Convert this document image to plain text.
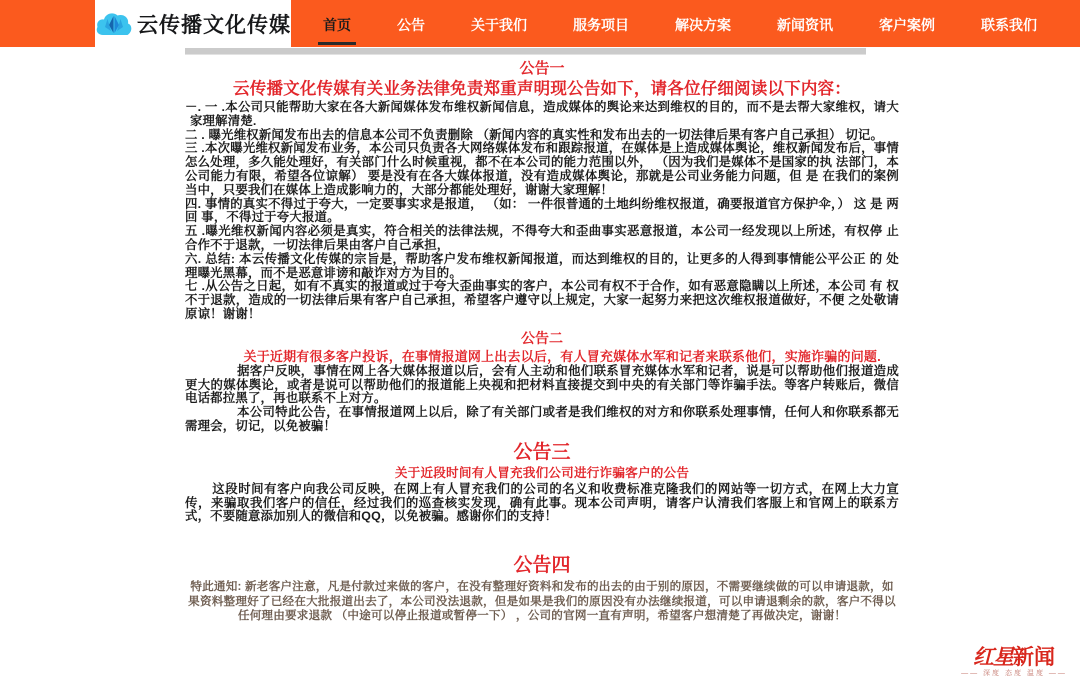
云传播文化传媒	首页	公告	关于我们	服务项目	解决方案	新闻资讯	客户案例	联系我们
公告一

云传播文化传媒有关业务法律免责郑重声明现公告如下，请各位仔细阅读以下内容：

－. 一 .本公司只能帮助大家在各大新闻媒体发布维权新闻信息，造成媒体的舆论来达到维权的目的，而不是去帮大家维权，请大家理解清楚.

二 . 曝光维权新闻发布出去的信息本公司不负责删除 （新闻内容的真实性和发布出去的一切法律后果有客户自己承担） 切记。

三 .本次曝光维权新闻发布业务，本公司只负责各大网络媒体发布和跟踪报道，在媒体是上造成媒体舆论，维权新闻发布后，事情怎么处理，多久能处理好，有关部门什么时候重视，都不在本公司的能力范围以外， （因为我们是媒体不是国家的执 法部门，本公司能力有限，希望各位谅解） 要是没有在各大媒体报道，没有造成媒体舆论，那就是公司业务能力问题，但 是 在我们的案例当中，只要我们在媒体上造成影响力的，大部分都能处理好，谢谢大家理解！

四. 事情的真实不得过于夸大，一定要事实求是报道， （如： 一件很普通的土地纠纷维权报道，确要报道官方保护伞，） 这 是 两回 事，不得过于夸大报道。

五 .曝光维权新闻内容必须是真实，符合相关的法律法规，不得夸大和歪曲事实恶意报道，本公司一经发现以上所述，有权停 止合作不于退款，一切法律后果由客户自己承担，

六. 总结: 本云传播文化传媒的宗旨是，帮助客户发布维权新闻报道，而达到维权的目的，让更多的人得到事情能公平公正 的 处理曝光黑幕，而不是恶意诽谤和敲诈对方为目的。

七 .从公告之日起，如有不真实的报道或过于夸大歪曲事实的客户，本公司有权不于合作，如有恶意隐瞒以上所述，本公司 有 权 不于退款，造成的一切法律后果有客户自己承担，希望客户遵守以上规定，大家一起努力来把这次维权报道做好，不便 之处敬请原谅！谢谢！

公告二

关于近期有很多客户投诉，在事情报道网上出去以后，有人冒充媒体水军和记者来联系他们，实施诈骗的问题.

据客户反映，事情在网上各大媒体报道以后，会有人主动和他们联系冒充媒体水军和记者，说是可以帮助他们报道造成 更大的媒体舆论，或者是说可以帮助他们的报道能上央视和把材料直接提交到中央的有关部门等诈骗手法。等客户转账后，微信 电话都拉黑了，再也联系不上对方。

本公司特此公告，在事情报道网上以后，除了有关部门或者是我们维权的对方和你联系处理事情，任何人和你联系都无 需理会，切记，以免被骗！

公告三

关于近段时间有人冒充我们公司进行诈骗客户的公告

这段时间有客户向我公司反映，在网上有人冒充我们的公司的名义和收费标准克隆我们的网站等一切方式，在网上大力宣 传，来骗取我们客户的信任，经过我们的巡查核实发现，确有此事。现本公司声明，请客户认清我们客服上和官网上的联系方 式，不要随意添加别人的微信和QQ，以免被骗。感谢你们的支持！

公告四

特此通知: 新老客户注意，凡是付款过来做的客户，在没有整理好资料和发布的出去的由于别的原因，不需要继续做的可以申请退款，如果资料整理好了已经在大批报道出去了，本公司没法退款，但是如果是我们的原因没有办法继续报道，可以申请退剩余的款，客户不得以任何理由要求退款 （中途可以停止报道或暂停一下） ，公司的官网一直有声明，希望客户想清楚了再做决定，谢谢！

红星新闻
—— 深度 态度 温度 ——
